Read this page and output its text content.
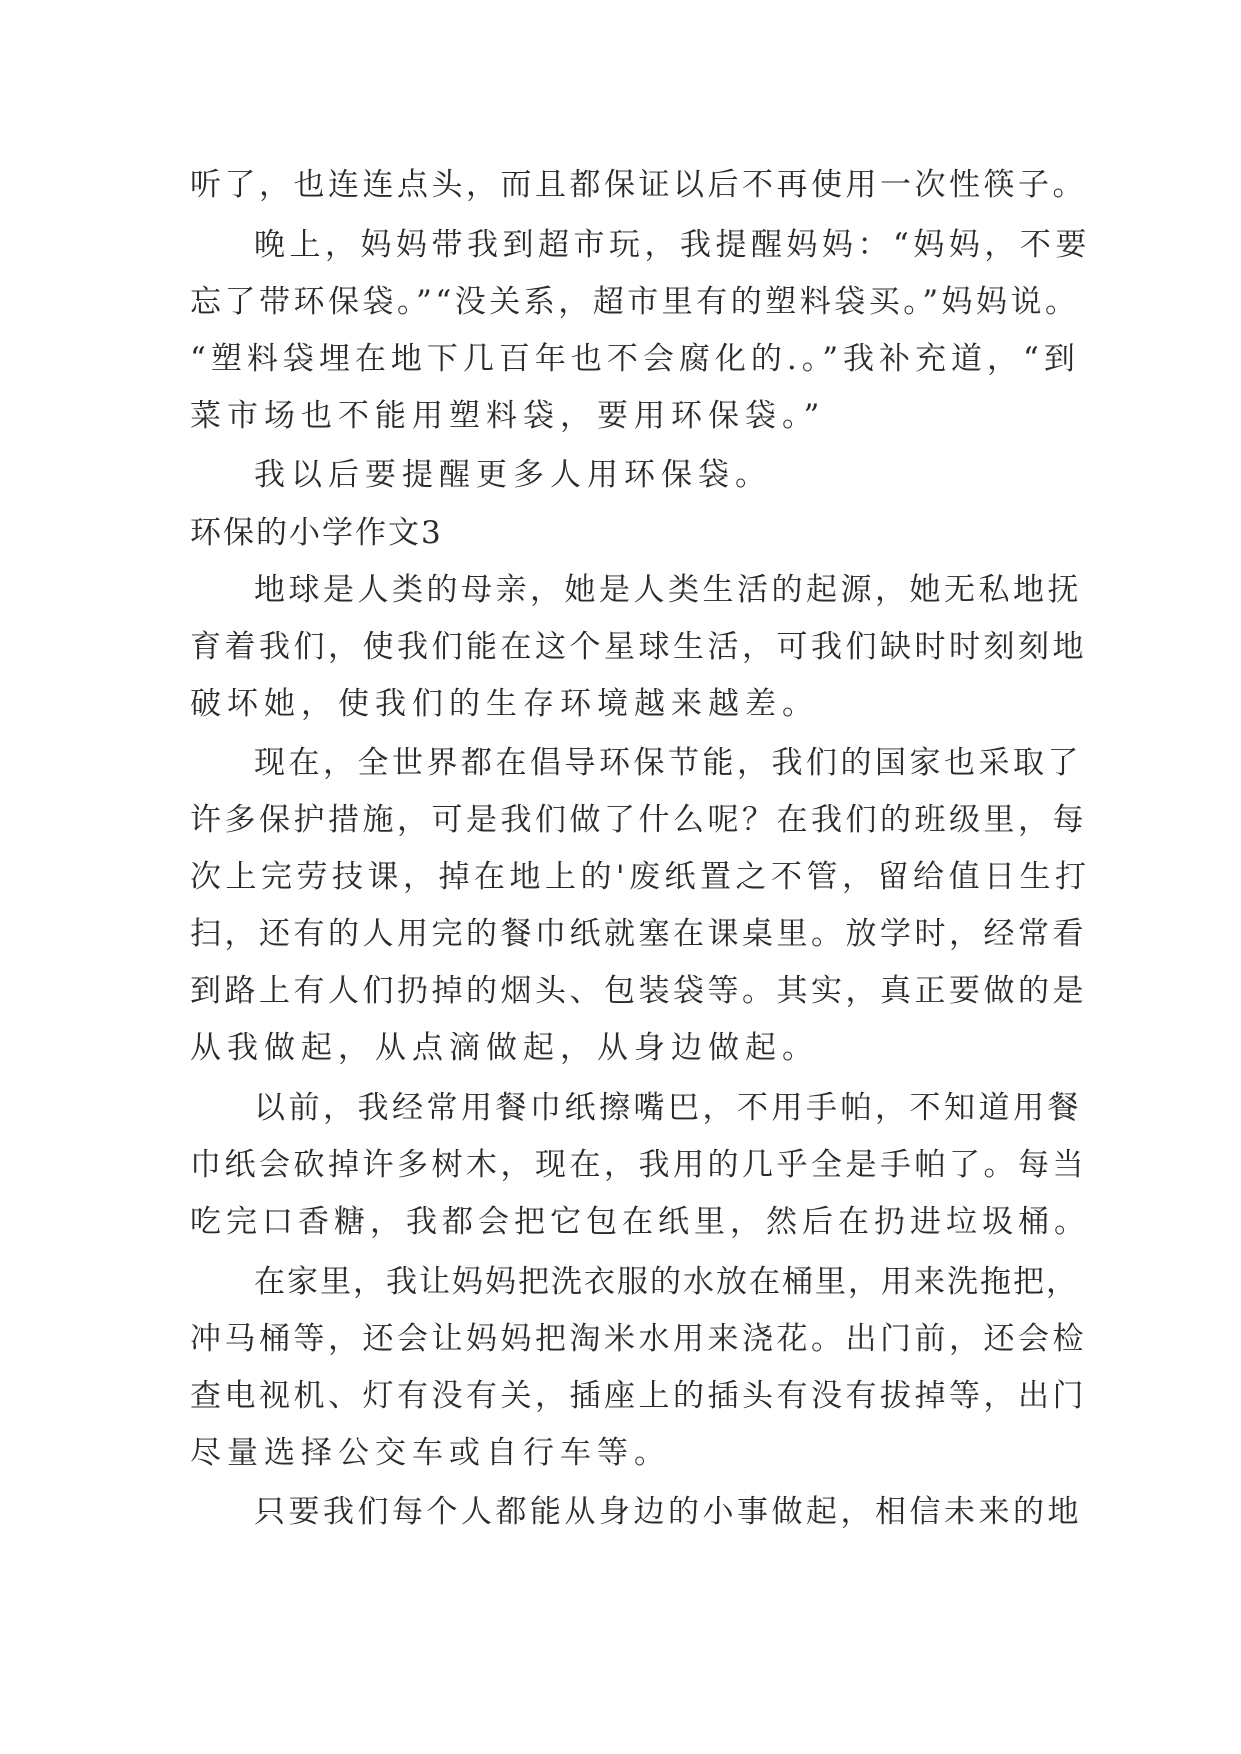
听了，也连连点头，而且都保证以后不再使用一次性筷子。
晚上，妈妈带我到超市玩，我提醒妈妈：“妈妈，不要
忘了带环保袋。”“没关系，超市里有的塑料袋买。”妈妈说。
“塑料袋埋在地下几百年也不会腐化的.。”我补充道，“到
菜市场也不能用塑料袋，要用环保袋。”
我以后要提醒更多人用环保袋。
环保的小学作文3
地球是人类的母亲，她是人类生活的起源，她无私地抚
育着我们，使我们能在这个星球生活，可我们缺时时刻刻地
破坏她，使我们的生存环境越来越差。
现在，全世界都在倡导环保节能，我们的国家也采取了
许多保护措施，可是我们做了什么呢？在我们的班级里，每
次上完劳技课，掉在地上的'废纸置之不管，留给值日生打
扫，还有的人用完的餐巾纸就塞在课桌里。放学时，经常看
到路上有人们扔掉的烟头、包装袋等。其实，真正要做的是
从我做起，从点滴做起，从身边做起。
以前，我经常用餐巾纸擦嘴巴，不用手帕，不知道用餐
巾纸会砍掉许多树木，现在，我用的几乎全是手帕了。每当
吃完口香糖，我都会把它包在纸里，然后在扔进垃圾桶。
在家里，我让妈妈把洗衣服的水放在桶里，用来洗拖把，
冲马桶等，还会让妈妈把淘米水用来浇花。出门前，还会检
查电视机、灯有没有关，插座上的插头有没有拔掉等，出门
尽量选择公交车或自行车等。
只要我们每个人都能从身边的小事做起，相信未来的地
